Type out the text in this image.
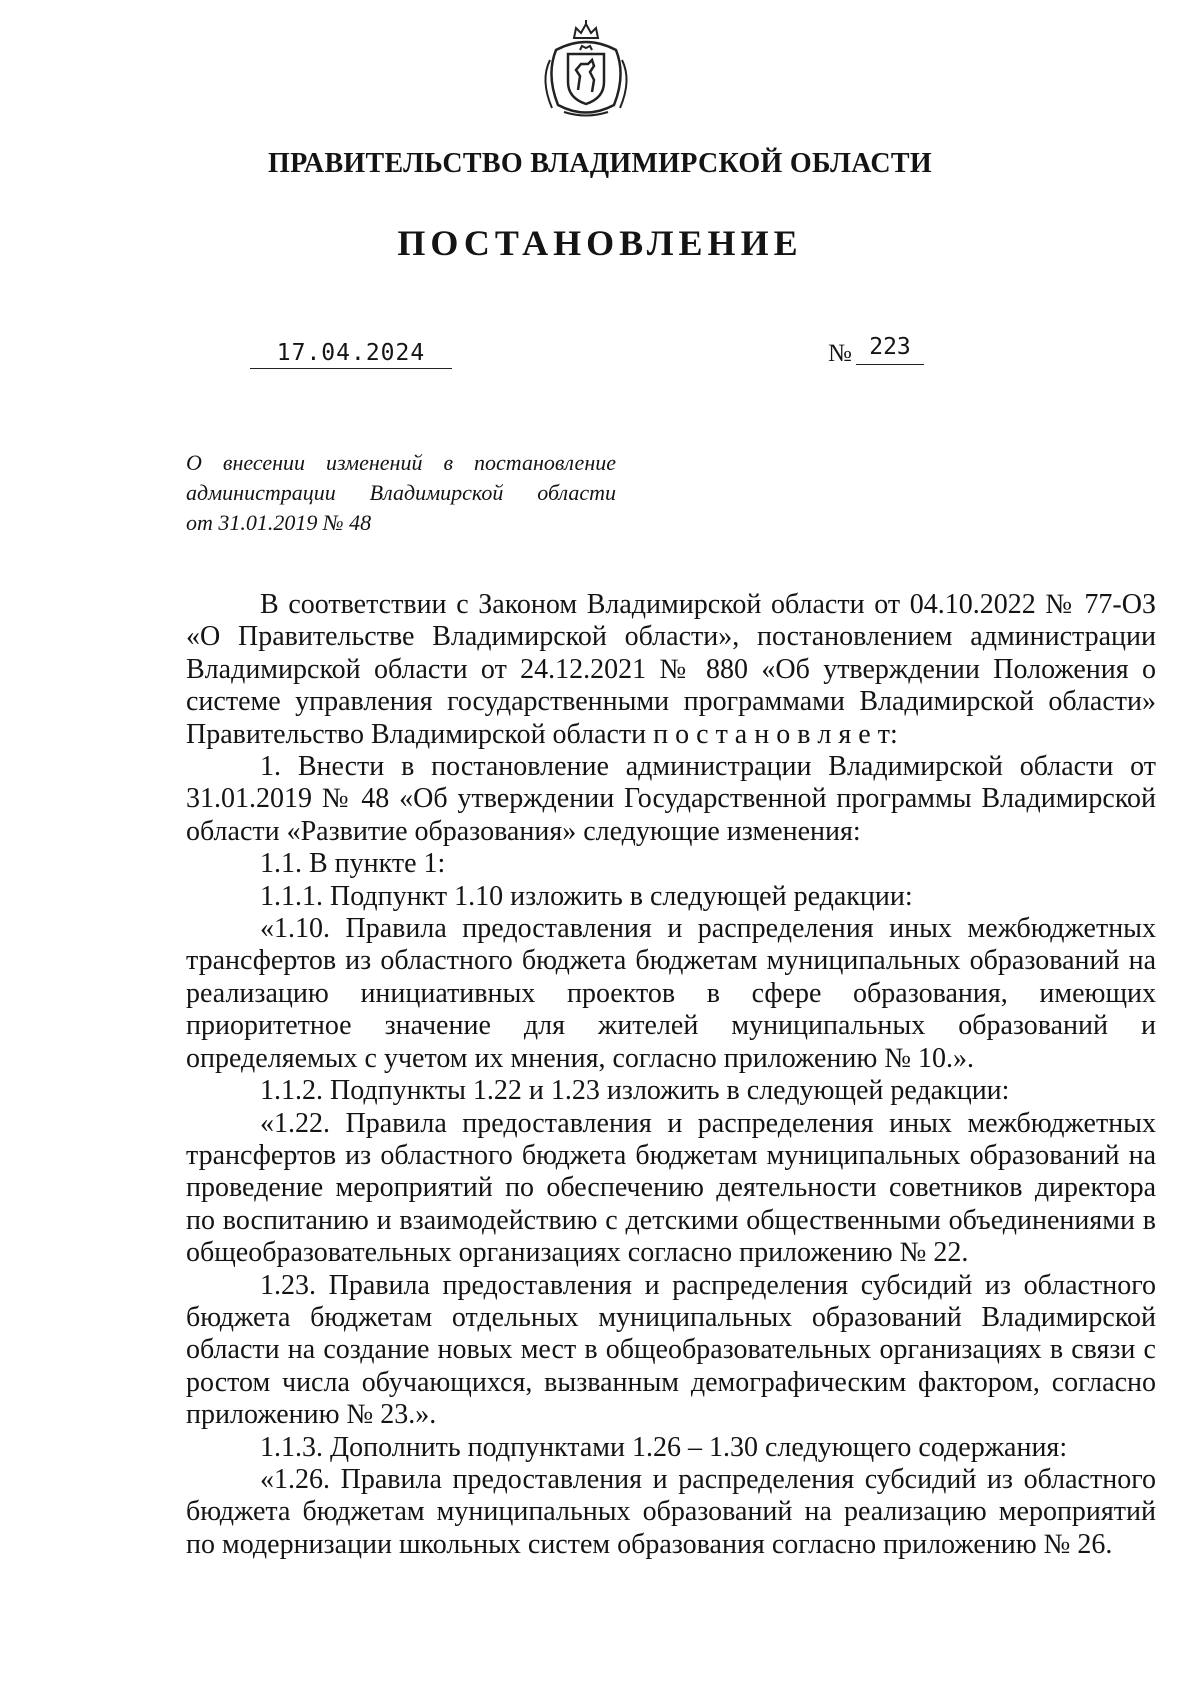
ПРАВИТЕЛЬСТВО ВЛАДИМИРСКОЙ ОБЛАСТИ
ПОСТАНОВЛЕНИЕ
17.04.2024	№ 223
О внесении изменений в постановление
администрации Владимирской области
от 31.01.2019 № 48

В соответствии с Законом Владимирской области от 04.10.2022 № 77-ОЗ «О Правительстве Владимирской области», постановлением администрации Владимирской области от 24.12.2021 № 880 «Об утверждении Положения о системе управления государственными программами Владимирской области» Правительство Владимирской области п о с т а н о в л я е т:

1. Внести в постановление администрации Владимирской области от 31.01.2019 № 48 «Об утверждении Государственной программы Владимирской области «Развитие образования» следующие изменения:

1.1. В пункте 1:

1.1.1. Подпункт 1.10 изложить в следующей редакции:

«1.10. Правила предоставления и распределения иных межбюджетных трансфертов из областного бюджета бюджетам муниципальных образований на реализацию инициативных проектов в сфере образования, имеющих приоритетное значение для жителей муниципальных образований и определяемых с учетом их мнения, согласно приложению № 10.».

1.1.2. Подпункты 1.22 и 1.23 изложить в следующей редакции:

«1.22. Правила предоставления и распределения иных межбюджетных трансфертов из областного бюджета бюджетам муниципальных образований на проведение мероприятий по обеспечению деятельности советников директора по воспитанию и взаимодействию с детскими общественными объединениями в общеобразовательных организациях согласно приложению № 22.

1.23. Правила предоставления и распределения субсидий из областного бюджета бюджетам отдельных муниципальных образований Владимирской области на создание новых мест в общеобразовательных организациях в связи с ростом числа обучающихся, вызванным демографическим фактором, согласно приложению № 23.».

1.1.3. Дополнить подпунктами 1.26 – 1.30 следующего содержания:

«1.26. Правила предоставления и распределения субсидий из областного бюджета бюджетам муниципальных образований на реализацию мероприятий по модернизации школьных систем образования согласно приложению № 26.
